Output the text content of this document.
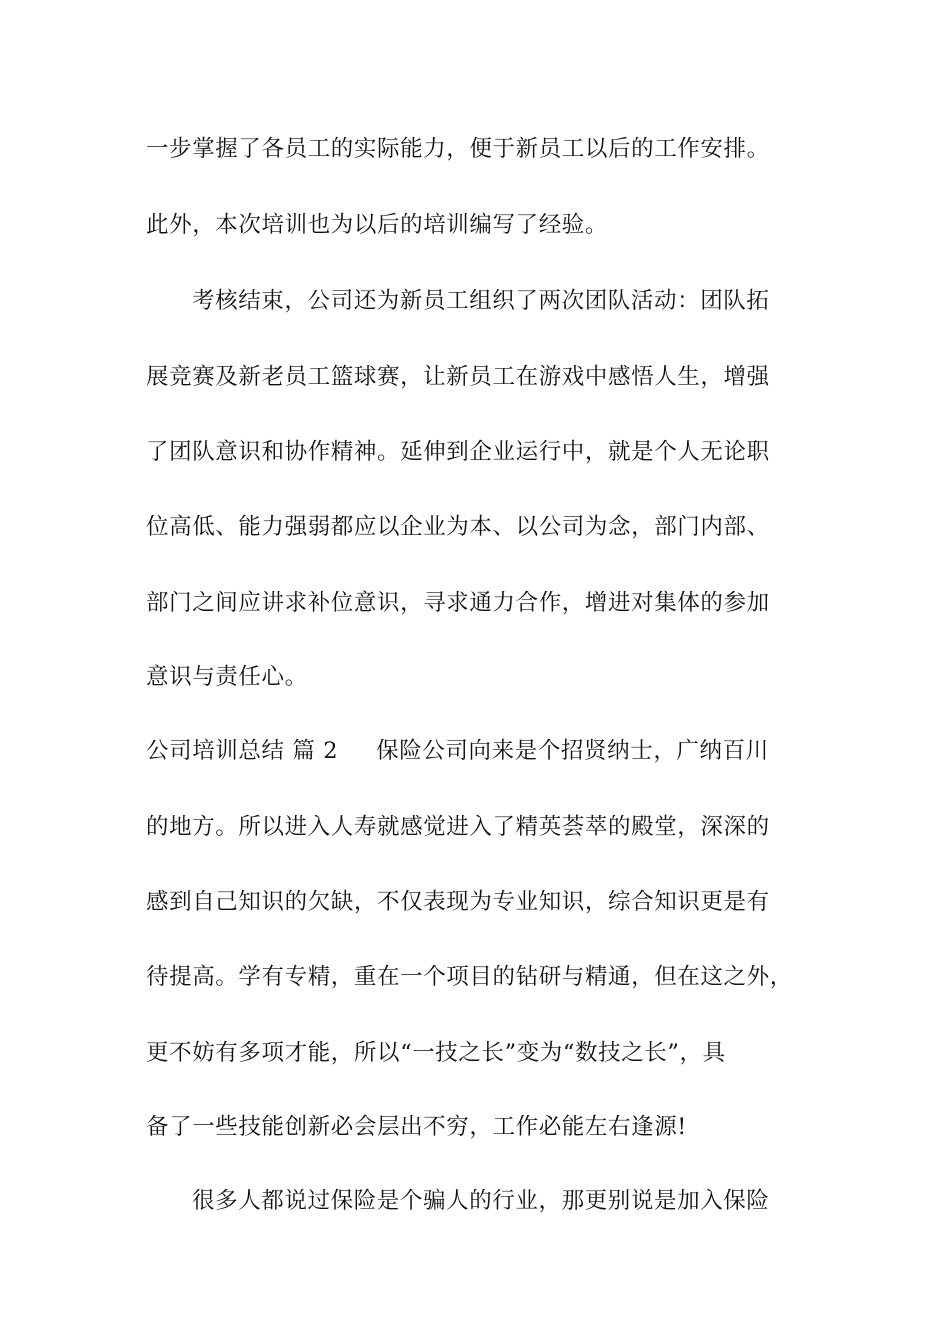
一步掌握了各员工的实际能力，便于新员工以后的工作安排。
此外，本次培训也为以后的培训编写了经验。
考核结束，公司还为新员工组织了两次团队活动：团队拓
展竞赛及新老员工篮球赛，让新员工在游戏中感悟人生，增强
了团队意识和协作精神。延伸到企业运行中，就是个人无论职
位高低、能力强弱都应以企业为本、以公司为念，部门内部、
部门之间应讲求补位意识，寻求通力合作，增进对集体的参加
意识与责任心。
公司培训总结 篇 2 保险公司向来是个招贤纳士，广纳百川
的地方。所以进入人寿就感觉进入了精英荟萃的殿堂，深深的
感到自己知识的欠缺，不仅表现为专业知识，综合知识更是有
待提高。学有专精，重在一个项目的钻研与精通，但在这之外，
更不妨有多项才能，所以“一技之长”变为“数技之长”，具
备了一些技能创新必会层出不穷，工作必能左右逢源!
很多人都说过保险是个骗人的行业，那更别说是加入保险
